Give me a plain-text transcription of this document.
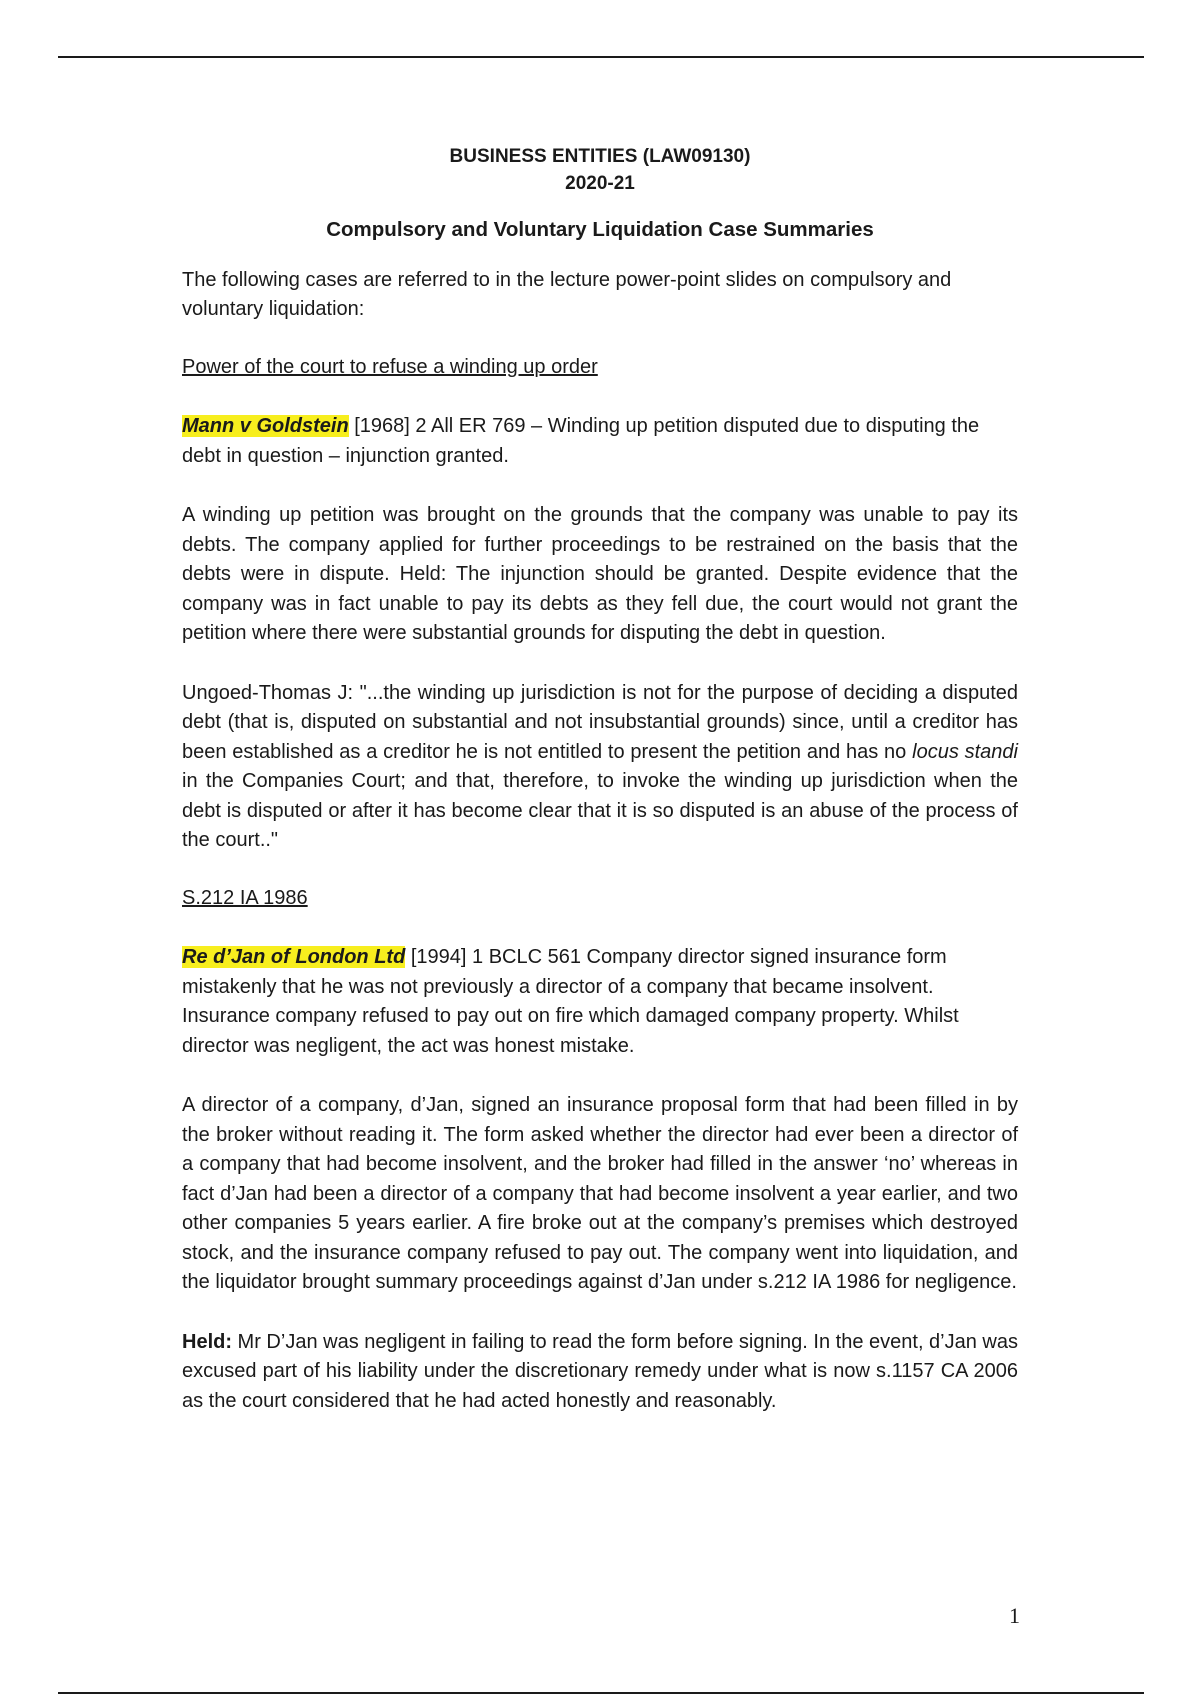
BUSINESS ENTITIES (LAW09130)
2020-21
Compulsory and Voluntary Liquidation Case Summaries

The following cases are referred to in the lecture power-point slides on compulsory and voluntary liquidation:

Power of the court to refuse a winding up order

Mann v Goldstein [1968] 2 All ER 769 – Winding up petition disputed due to disputing the debt in question – injunction granted.

A winding up petition was brought on the grounds that the company was unable to pay its debts. The company applied for further proceedings to be restrained on the basis that the debts were in dispute. Held: The injunction should be granted. Despite evidence that the company was in fact unable to pay its debts as they fell due, the court would not grant the petition where there were substantial grounds for disputing the debt in question.

Ungoed-Thomas J: "...the winding up jurisdiction is not for the purpose of deciding a disputed debt (that is, disputed on substantial and not insubstantial grounds) since, until a creditor has been established as a creditor he is not entitled to present the petition and has no locus standi in the Companies Court; and that, therefore, to invoke the winding up jurisdiction when the debt is disputed or after it has become clear that it is so disputed is an abuse of the process of the court.."

S.212 IA 1986

Re d’Jan of London Ltd [1994] 1 BCLC 561 Company director signed insurance form mistakenly that he was not previously a director of a company that became insolvent. Insurance company refused to pay out on fire which damaged company property. Whilst director was negligent, the act was honest mistake.

A director of a company, d’Jan, signed an insurance proposal form that had been filled in by the broker without reading it. The form asked whether the director had ever been a director of a company that had become insolvent, and the broker had filled in the answer ‘no’ whereas in fact d’Jan had been a director of a company that had become insolvent a year earlier, and two other companies 5 years earlier. A fire broke out at the company’s premises which destroyed stock, and the insurance company refused to pay out. The company went into liquidation, and the liquidator brought summary proceedings against d’Jan under s.212 IA 1986 for negligence.

Held: Mr D’Jan was negligent in failing to read the form before signing. In the event, d’Jan was excused part of his liability under the discretionary remedy under what is now s.1157 CA 2006 as the court considered that he had acted honestly and reasonably.

1
